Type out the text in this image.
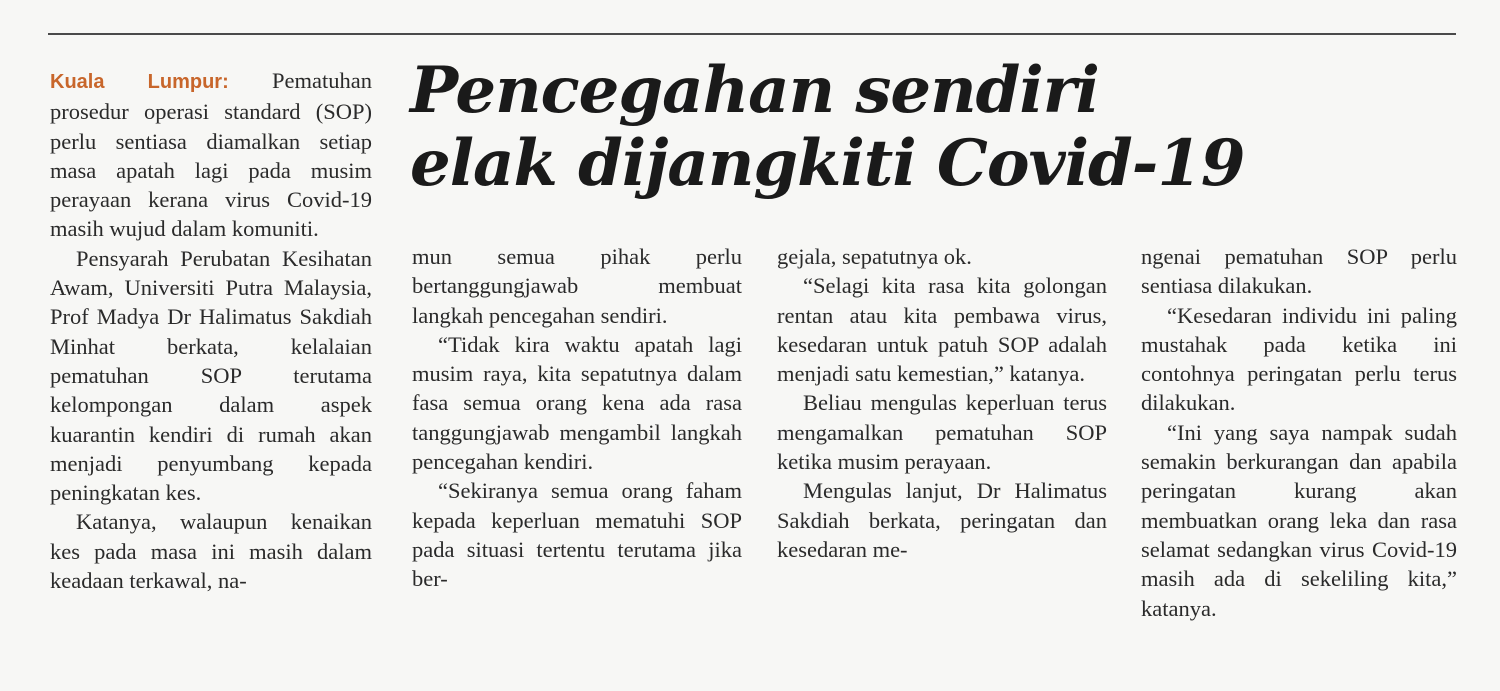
Pencegahan sendiri
elak dijangkiti Covid-19

Kuala Lumpur: Pematuhan prosedur operasi standard (SOP) perlu sentiasa diamalkan setiap masa apatah lagi pada musim perayaan kerana virus Covid-19 masih wujud dalam komuniti.

Pensyarah Perubatan Kesihatan Awam, Universiti Putra Malaysia, Prof Madya Dr Halimatus Sakdiah Minhat berkata, kelalaian pematuhan SOP terutama kelompongan dalam aspek kuarantin kendiri di rumah akan menjadi penyumbang kepada peningkatan kes.

Katanya, walaupun kenaikan kes pada masa ini masih dalam keadaan terkawal, na-

mun semua pihak perlu bertanggungjawab membuat langkah pencegahan sendiri.

“Tidak kira waktu apatah lagi musim raya, kita sepatutnya dalam fasa semua orang kena ada rasa tanggungjawab mengambil langkah pencegahan kendiri.

“Sekiranya semua orang faham kepada keperluan mematuhi SOP pada situasi tertentu terutama jika ber-

gejala, sepatutnya ok.

“Selagi kita rasa kita golongan rentan atau kita pembawa virus, kesedaran untuk patuh SOP adalah menjadi satu kemestian,” katanya.

Beliau mengulas keperluan terus mengamalkan pematuhan SOP ketika musim perayaan.

Mengulas lanjut, Dr Halimatus Sakdiah berkata, peringatan dan kesedaran me-

ngenai pematuhan SOP perlu sentiasa dilakukan.

“Kesedaran individu ini paling mustahak pada ketika ini contohnya peringatan perlu terus dilakukan.

“Ini yang saya nampak sudah semakin berkurangan dan apabila peringatan kurang akan membuatkan orang leka dan rasa selamat sedangkan virus Covid-19 masih ada di sekeliling kita,” katanya.
